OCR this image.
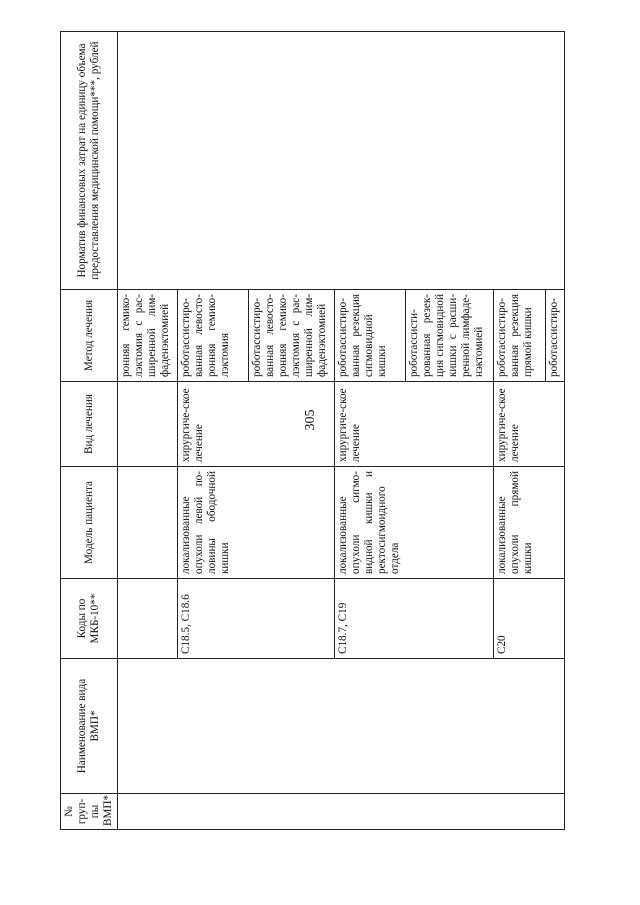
305
№ груп-пы ВМП*	Наименование вида ВМП*	Коды по МКБ-10**	Модель пациента	Вид лечения	Метод лечения	Норматив финансовых затрат на единицу объема предоставления медицинской помощи***, рублей
					ронняя гемико-лэктомия с рас-ширенной лим-фаденэктомией	
		C18.5, C18.6	локализованные опухоли левой по-ловины ободочной кишки	хирургиче-ское лечение	роботассистиро-ванная левосто-ронняя гемико-лэктомия	
					роботассистиро-ванная левосто-ронняя гемико-лэктомия с рас-ширенной лим-фаденэктомией	
		C18.7, C19	локализованные опухоли сигмо-видной кишки и ректосигмоидного отдела	хирургиче-ское лечение	роботассистиро-ванная резекция сигмовидной кишки	
					роботассисти-рованная резек-ция сигмовидной кишки с расши-ренной лимфаде-нэктомией	
		C20	локализованные опухоли прямой кишки	хирургиче-ское лечение	роботассистиро-ванная резекция прямой кишки	
					роботассистиро-	
